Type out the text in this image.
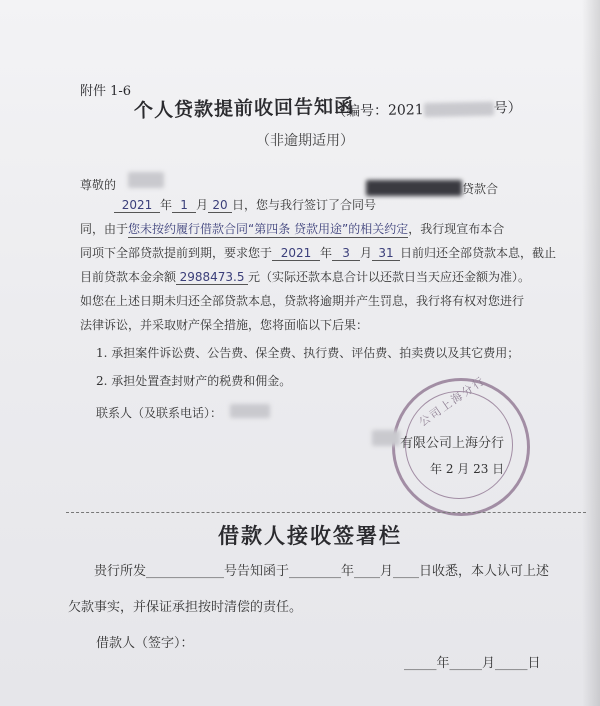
附件 1-6
个人贷款提前收回告知函
（编号：2021	号）
（非逾期适用）
尊敬的	贷款合
2021 年 1 月 20 日，您与我行签订了合同号
同，由于您未按约履行借款合同“第四条 贷款用途”的相关约定，我行现宣布本合
同项下全部贷款提前到期，要求您于 2021 年 3 月 31 日前归还全部贷款本息，截止
目前贷款本金余额 2988473.5 元（实际还款本息合计以还款日当天应还金额为准）。
如您在上述日期未归还全部贷款本息，贷款将逾期并产生罚息，我行将有权对您进行
法律诉讼，并采取财产保全措施，您将面临以下后果：
1. 承担案件诉讼费、公告费、保全费、执行费、评估费、拍卖费以及其它费用；
2. 承担处置查封财产的税费和佣金。
联系人（及联系电话）：	公司上海分行
有限公司上海分行
年 2 月 23 日
借款人接收签署栏
贵行所发____________号告知函于________年____月____日收悉，本人认可上述
欠款事实，并保证承担按时清偿的责任。
借款人（签字）：
_____年_____月_____日
